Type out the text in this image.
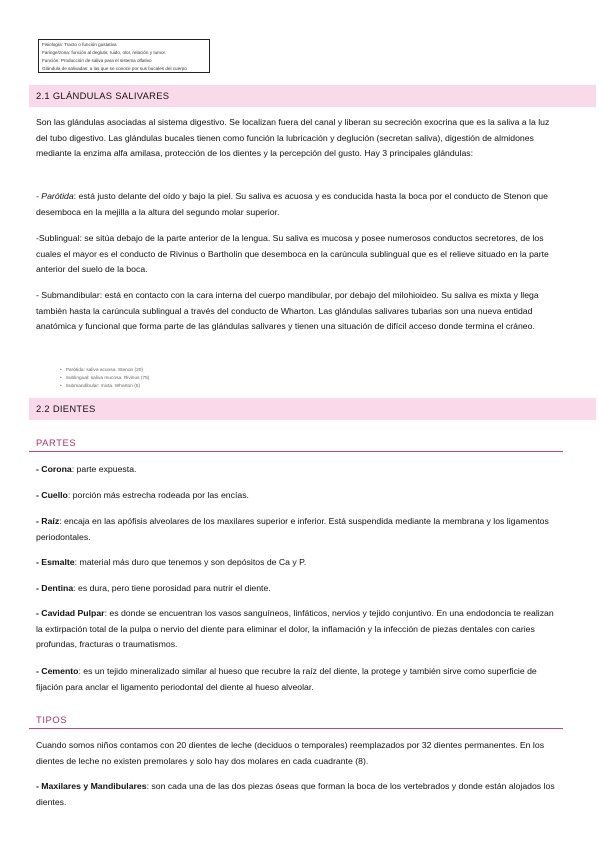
Fisiología: Tracto o función gustativa
Faringe/zona: función al deglutir, ruido, olor, relación y tumor.
Función: Producción de saliva para el sistema olfativo
Glándula de salivadas: a las que se conoce por sus bucales del cuerpo
2.1 GLÁNDULAS SALIVARES
Son las glándulas asociadas al sistema digestivo. Se localizan fuera del canal y liberan su secreción exocrina que es la saliva a la luz del tubo digestivo. Las glándulas bucales tienen como función la lubricación y deglución (secretan saliva), digestión de almidones mediante la enzima alfa amilasa, protección de los dientes y la percepción del gusto. Hay 3 principales glándulas:
- Parótida: está justo delante del oído y bajo la piel. Su saliva es acuosa y es conducida hasta la boca por el conducto de Stenon que desemboca en la mejilla a la altura del segundo molar superior.
-Sublingual: se sitúa debajo de la parte anterior de la lengua. Su saliva es mucosa y posee numerosos conductos secretores, de los cuales el mayor es el conducto de Rivinus o Bartholin que desemboca en la carúncula sublingual que es el relieve situado en la parte anterior del suelo de la boca.
- Submandibular: está en contacto con la cara interna del cuerpo mandibular, por debajo del milohioideo. Su saliva es mixta y llega también hasta la carúncula sublingual a través del conducto de Wharton. Las glándulas salivares tubarias son una nueva entidad anatómica y funcional que forma parte de las glándulas salivares y tienen una situación de difícil acceso donde termina el cráneo.
• Parótida: saliva acuosa. Stenon (20)
• Sublingual: saliva mucosa. Rivinus (75)
• Submandibular: mixta. Wharton (5)
2.2 DIENTES
PARTES
- Corona: parte expuesta.
- Cuello: porción más estrecha rodeada por las encías.
- Raíz: encaja en las apófisis alveolares de los maxilares superior e inferior. Está suspendida mediante la membrana y los ligamentos periodontales.
- Esmalte: material más duro que tenemos y son depósitos de Ca y P.
- Dentina: es dura, pero tiene porosidad para nutrir el diente.
- Cavidad Pulpar: es donde se encuentran los vasos sanguíneos, linfáticos, nervios y tejido conjuntivo. En una endodoncia te realizan la extirpación total de la pulpa o nervio del diente para eliminar el dolor, la inflamación y la infección de piezas dentales con caries profundas, fracturas o traumatismos.
- Cemento: es un tejido mineralizado similar al hueso que recubre la raíz del diente, la protege y también sirve como superficie de fijación para anclar el ligamento periodontal del diente al hueso alveolar.
TIPOS
Cuando somos niños contamos con 20 dientes de leche (deciduos o temporales) reemplazados por 32 dientes permanentes. En los dientes de leche no existen premolares y solo hay dos molares en cada cuadrante (8).
- Maxilares y Mandibulares: son cada una de las dos piezas óseas que forman la boca de los vertebrados y donde están alojados los dientes.
